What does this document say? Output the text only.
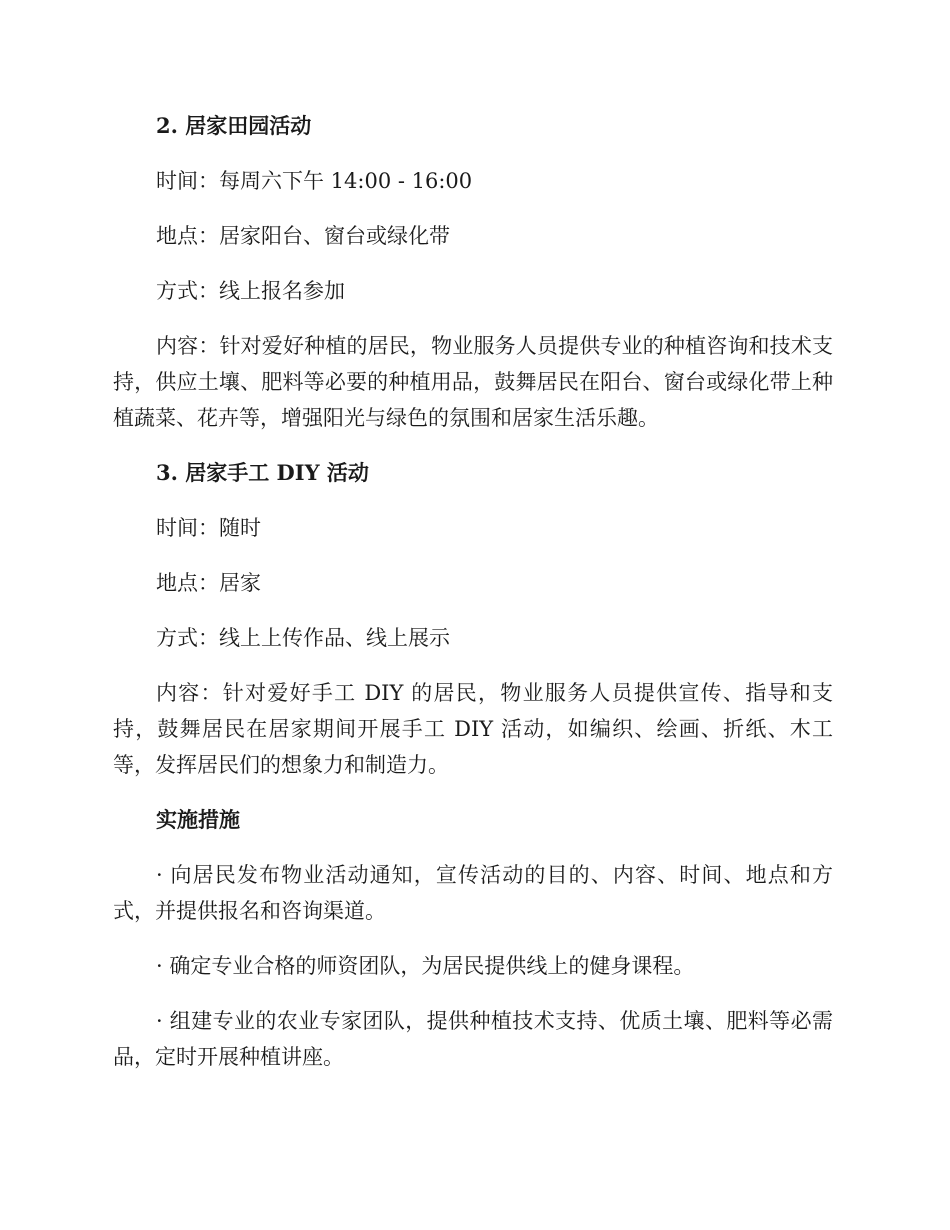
2. 居家田园活动
时间：每周六下午 14:00 - 16:00
地点：居家阳台、窗台或绿化带
方式：线上报名参加
内容：针对爱好种植的居民，物业服务人员提供专业的种植咨询和技术支持，供应土壤、肥料等必要的种植用品，鼓舞居民在阳台、窗台或绿化带上种植蔬菜、花卉等，增强阳光与绿色的氛围和居家生活乐趣。
3. 居家手工 DIY 活动
时间：随时
地点：居家
方式：线上上传作品、线上展示
内容：针对爱好手工 DIY 的居民，物业服务人员提供宣传、指导和支持，鼓舞居民在居家期间开展手工 DIY 活动，如编织、绘画、折纸、木工等，发挥居民们的想象力和制造力。
实施措施
· 向居民发布物业活动通知，宣传活动的目的、内容、时间、地点和方式，并提供报名和咨询渠道。
· 确定专业合格的师资团队，为居民提供线上的健身课程。
· 组建专业的农业专家团队，提供种植技术支持、优质土壤、肥料等必需品，定时开展种植讲座。
